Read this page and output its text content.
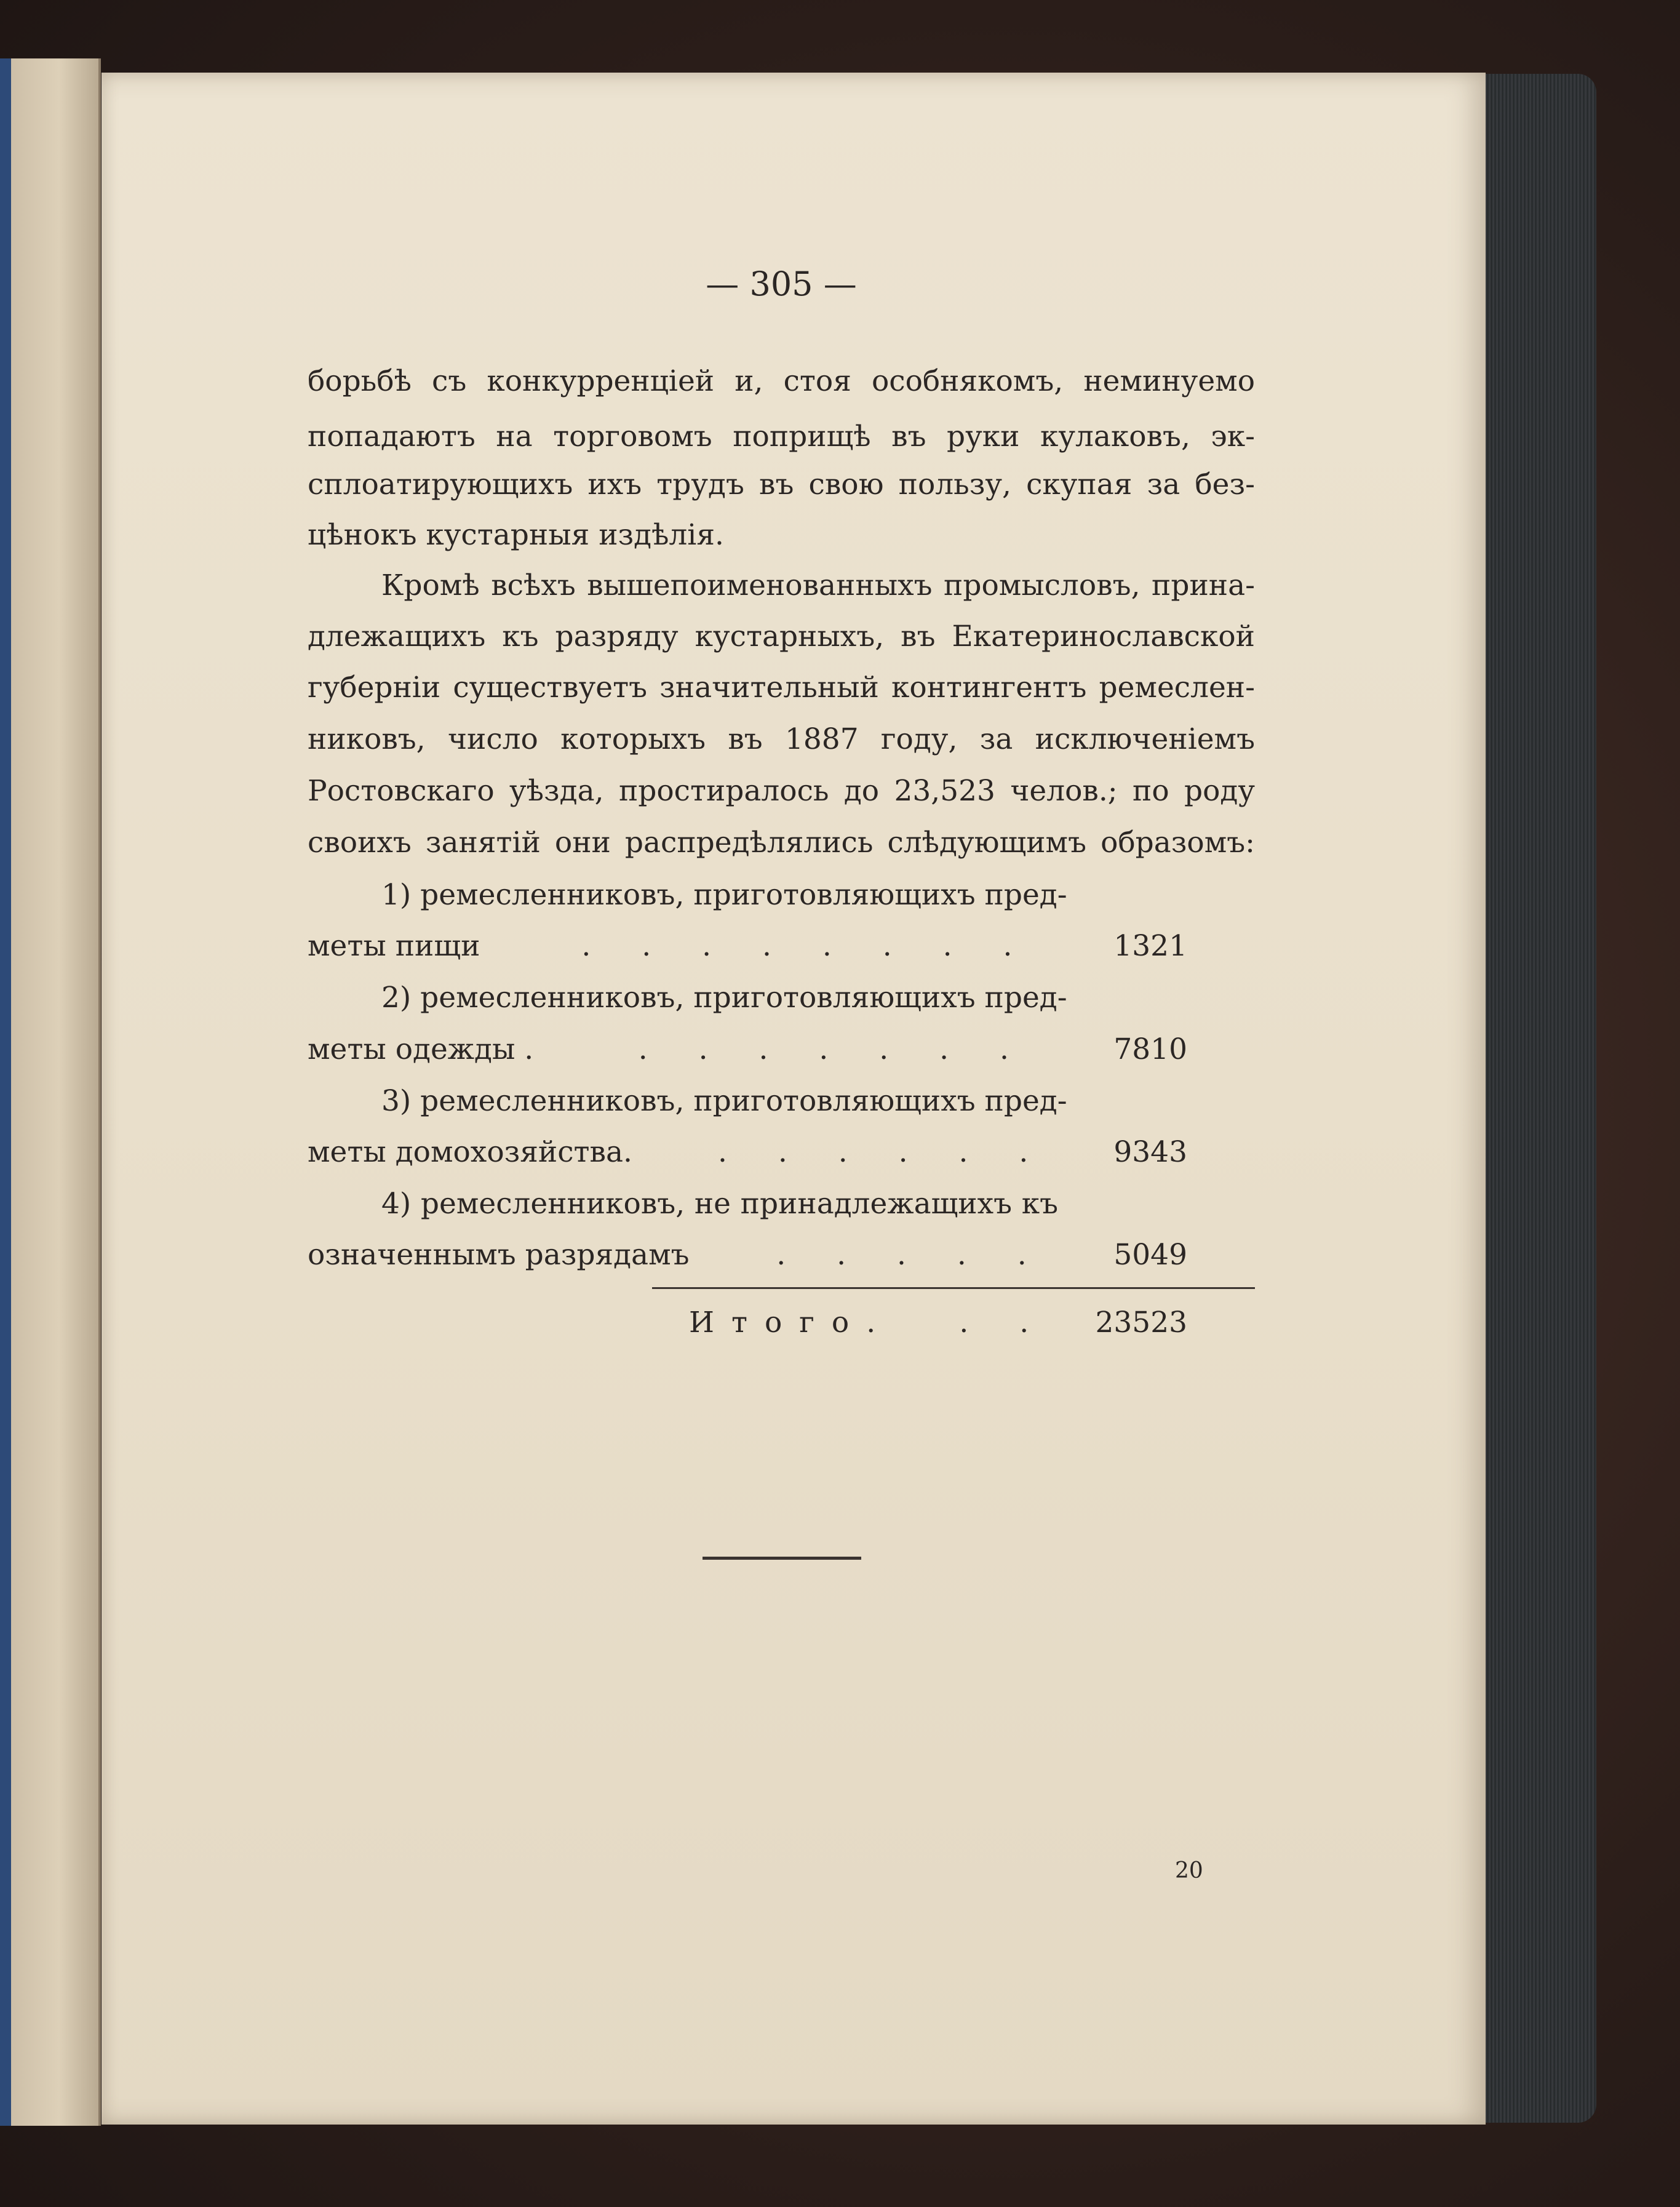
— 305 —
борьбѣ съ конкурренціей и, стоя особнякомъ, неминуемо
попадаютъ на торговомъ поприщѣ въ руки кулаковъ, эк-
сплоатирующихъ ихъ трудъ въ свою пользу, скупая за без-
цѣнокъ кустарныя издѣлія.
Кромѣ всѣхъ вышепоименованныхъ промысловъ, прина-
длежащихъ къ разряду кустарныхъ, въ Екатеринославской
губерніи существуетъ значительный контингентъ ремеслен-
никовъ, число которыхъ въ 1887 году, за исключеніемъ
Ростовскаго уѣзда, простиралось до 23,523 челов.; по роду
своихъ занятій они распредѣлялись слѣдующимъ образомъ:
1) ремесленниковъ, приготовляющихъ пред-
меты пищи	. . . . . . . .	1321
2) ремесленниковъ, приготовляющихъ пред-
меты одежды .	. . . . . . .	7810
3) ремесленниковъ, приготовляющихъ пред-
меты домохозяйства.	. . . . . .	9343
4) ремесленниковъ, не принадлежащихъ къ
означеннымъ разрядамъ	. . . . .	5049
Итого. . . 23523
20
